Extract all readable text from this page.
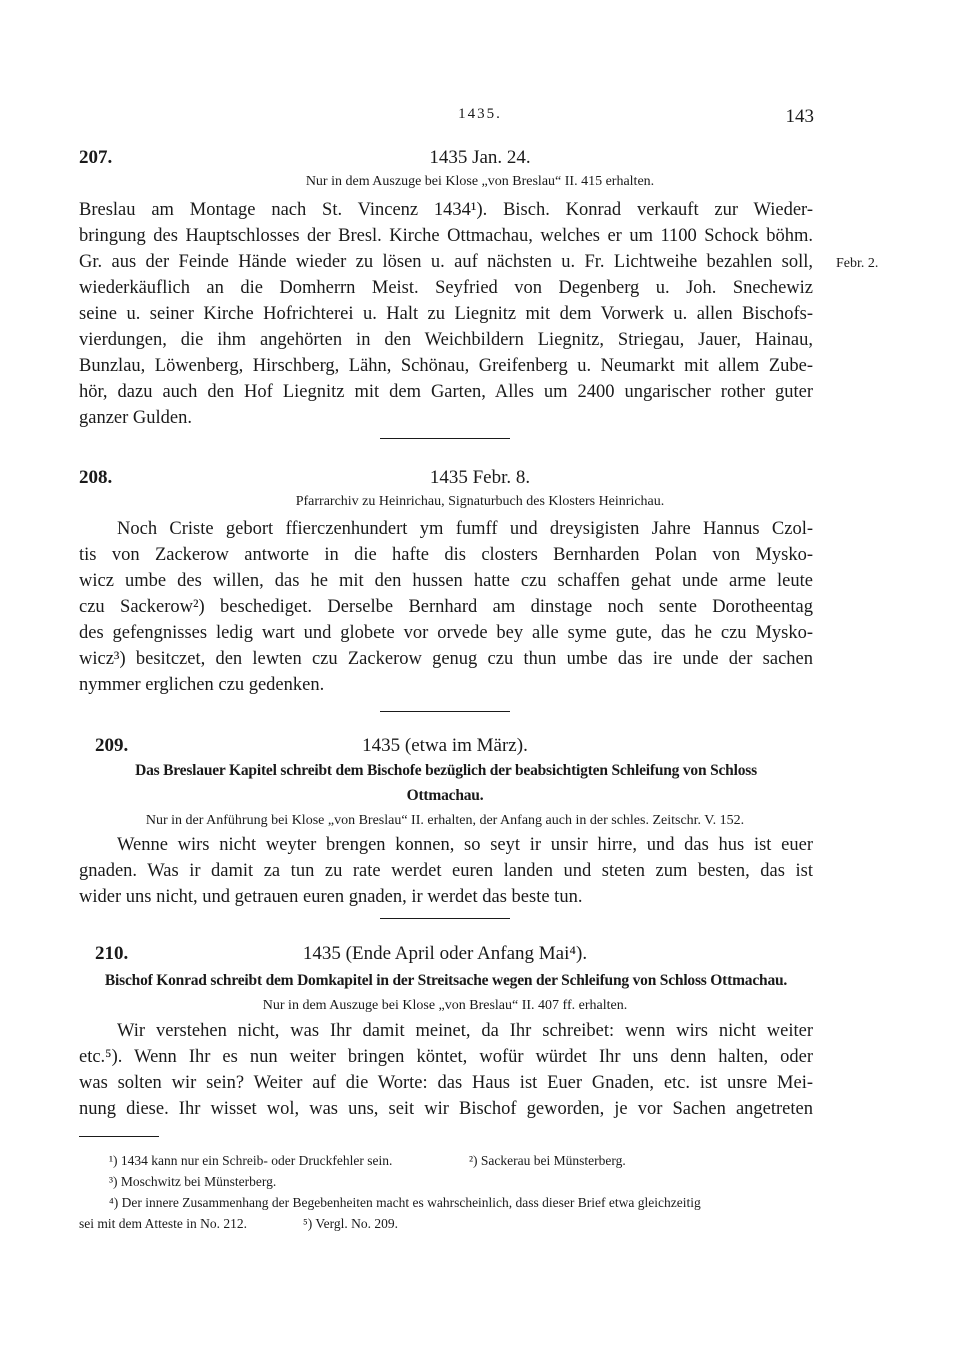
1435.	143
207.	1435 Jan. 24.
Nur in dem Auszuge bei Klose „von Breslau“ II. 415 erhalten.
Febr. 2.
Breslau am Montage nach St. Vincenz 1434¹). Bisch. Konrad verkauft zur Wieder-
bringung des Hauptschlosses der Bresl. Kirche Ottmachau, welches er um 1100 Schock böhm.
Gr. aus der Feinde Hände wieder zu lösen u. auf nächsten u. Fr. Lichtweihe bezahlen soll,
wiederkäuflich an die Domherrn Meist. Seyfried von Degenberg u. Joh. Snechewiz
seine u. seiner Kirche Hofrichterei u. Halt zu Liegnitz mit dem Vorwerk u. allen Bischofs-
vierdungen, die ihm angehörten in den Weichbildern Liegnitz, Striegau, Jauer, Hainau,
Bunzlau, Löwenberg, Hirschberg, Lähn, Schönau, Greifenberg u. Neumarkt mit allem Zube-
hör, dazu auch den Hof Liegnitz mit dem Garten, Alles um 2400 ungarischer rother guter
ganzer Gulden.
208.	1435 Febr. 8.
Pfarrarchiv zu Heinrichau, Signaturbuch des Klosters Heinrichau.
Noch Criste gebort ffierczenhundert ym fumff und dreysigisten Jahre Hannus Czol-
tis von Zackerow antworte in die hafte dis closters Bernharden Polan von Mysko-
wicz umbe des willen, das he mit den hussen hatte czu schaffen gehat unde arme leute
czu Sackerow²) beschediget. Derselbe Bernhard am dinstage noch sente Dorotheentag
des gefengnisses ledig wart und globete vor orvede bey alle syme gute, das he czu Mysko-
wicz³) besitczet, den lewten czu Zackerow genug czu thun umbe das ire unde der sachen
nymmer erglichen czu gedenken.
209.	1435 (etwa im März).
Das Breslauer Kapitel schreibt dem Bischofe bezüglich der beabsichtigten Schleifung von Schloss
Ottmachau.
Nur in der Anführung bei Klose „von Breslau“ II. erhalten, der Anfang auch in der schles. Zeitschr. V. 152.
Wenne wirs nicht weyter brengen konnen, so seyt ir unsir hirre, und das hus ist euer
gnaden. Was ir damit za tun zu rate werdet euren landen und steten zum besten, das ist
wider uns nicht, und getrauen euren gnaden, ir werdet das beste tun.
210.	1435 (Ende April oder Anfang Mai⁴).
Bischof Konrad schreibt dem Domkapitel in der Streitsache wegen der Schleifung von Schloss Ottmachau.
Nur in dem Auszuge bei Klose „von Breslau“ II. 407 ff. erhalten.
Wir verstehen nicht, was Ihr damit meinet, da Ihr schreibet: wenn wirs nicht weiter
etc.⁵). Wenn Ihr es nun weiter bringen köntet, wofür würdet Ihr uns denn halten, oder
was solten wir sein? Weiter auf die Worte: das Haus ist Euer Gnaden, etc. ist unsre Mei-
nung diese. Ihr wisset wol, was uns, seit wir Bischof geworden, je vor Sachen angetreten
¹) 1434 kann nur ein Schreib- oder Druckfehler sein.	²) Sackerau bei Münsterberg.
³) Moschwitz bei Münsterberg.
⁴) Der innere Zusammenhang der Begebenheiten macht es wahrscheinlich, dass dieser Brief etwa gleichzeitig
sei mit dem Atteste in No. 212.	⁵) Vergl. No. 209.
